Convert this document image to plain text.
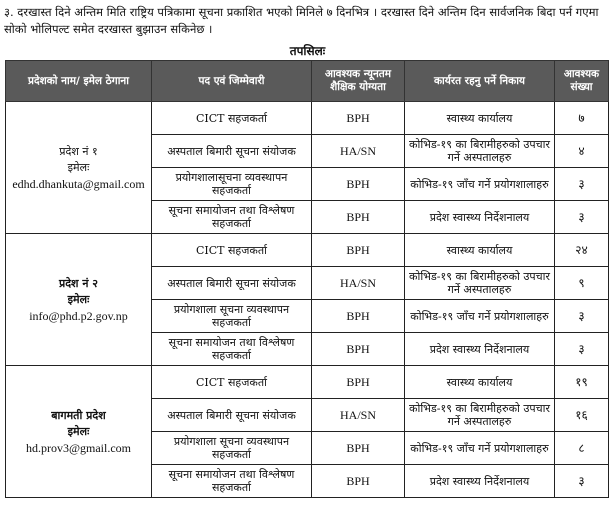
३. दरखास्त दिने अन्तिम मिति राष्ट्रिय पत्रिकामा सूचना प्रकाशित भएको मिनिले ७ दिनभित्र । दरखास्त दिने अन्तिम दिन सार्वजनिक बिदा पर्न गएमा सोको भोलिपल्ट समेत दरखास्त बुझाउन सकिनेछ ।
तपसिलः
प्रदेशको नाम/ इमेल ठेगाना	पद एवं जिम्मेवारी	आवश्यक न्यूनतम शैक्षिक योग्यता	कार्यरत रहनु पर्ने निकाय	आवश्यक संख्या

प्रदेश नं १
इमेलः
edhd.dhankuta@gmail.com	CICT सहजकर्ता	BPH	स्वास्थ्य कार्यालय	७
	अस्पताल बिमारी सूचना संयोजक	HA/SN	कोभिड-१९ का बिरामीहरुको उपचार गर्ने अस्पतालहरु	४
	प्रयोगशालासूचना व्यवस्थापन सहजकर्ता	BPH	कोभिड-१९ जाँच गर्ने प्रयोगशालाहरु	३
	सूचना समायोजन तथा विश्लेषण सहजकर्ता	BPH	प्रदेश स्वास्थ्य निर्देशनालय	३

प्रदेश नं २
इमेलः
info@phd.p2.gov.np	CICT सहजकर्ता	BPH	स्वास्थ्य कार्यालय	२४
	अस्पताल बिमारी सूचना संयोजक	HA/SN	कोभिड-१९ का बिरामीहरुको उपचार गर्ने अस्पतालहरु	९
	प्रयोगशाला सूचना व्यवस्थापन सहजकर्ता	BPH	कोभिड-१९ जाँच गर्ने प्रयोगशालाहरु	३
	सूचना समायोजन तथा विश्लेषण सहजकर्ता	BPH	प्रदेश स्वास्थ्य निर्देशनालय	३

बागमती प्रदेश
इमेलः
hd.prov3@gmail.com	CICT सहजकर्ता	BPH	स्वास्थ्य कार्यालय	१९
	अस्पताल बिमारी सूचना संयोजक	HA/SN	कोभिड-१९ का बिरामीहरुको उपचार गर्ने अस्पतालहरु	१६
	प्रयोगशाला सूचना व्यवस्थापन सहजकर्ता	BPH	कोभिड-१९ जाँच गर्ने प्रयोगशालाहरु	८
	सूचना समायोजन तथा विश्लेषण सहजकर्ता	BPH	प्रदेश स्वास्थ्य निर्देशनालय	३
